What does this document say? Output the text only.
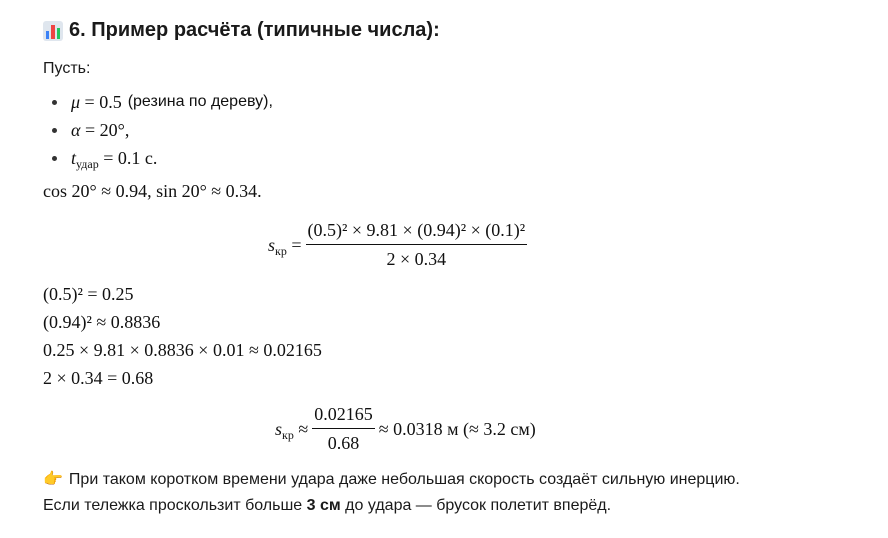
6. Пример расчёта (типичные числа):
Пусть:
μ = 0.5 (резина по дереву),
α = 20°,
$t_{удар} = 0.1$ с.
cos 20° ≈ 0.94, sin 20° ≈ 0.34.
$s_{кр} = \frac{\text{(0.5)² × 9.81 × (0.94)² × (0.1)²}}{2 \times 0.34}$
(0.5)² = 0.25
(0.94)² ≈ 0.8836
0.25 × 9.81 × 0.8836 × 0.01 ≈ 0.02165
2 × 0.34 = 0.68
$s_{кр} \approx \frac{0.02165}{0.68} \approx 0.0318$ м (≈ 3.2 см)
👉 При таком коротком времени удара даже небольшая скорость создаёт сильную инерцию.
Если тележка проскользит больше 3 см до удара — брусок полетит вперёд.
